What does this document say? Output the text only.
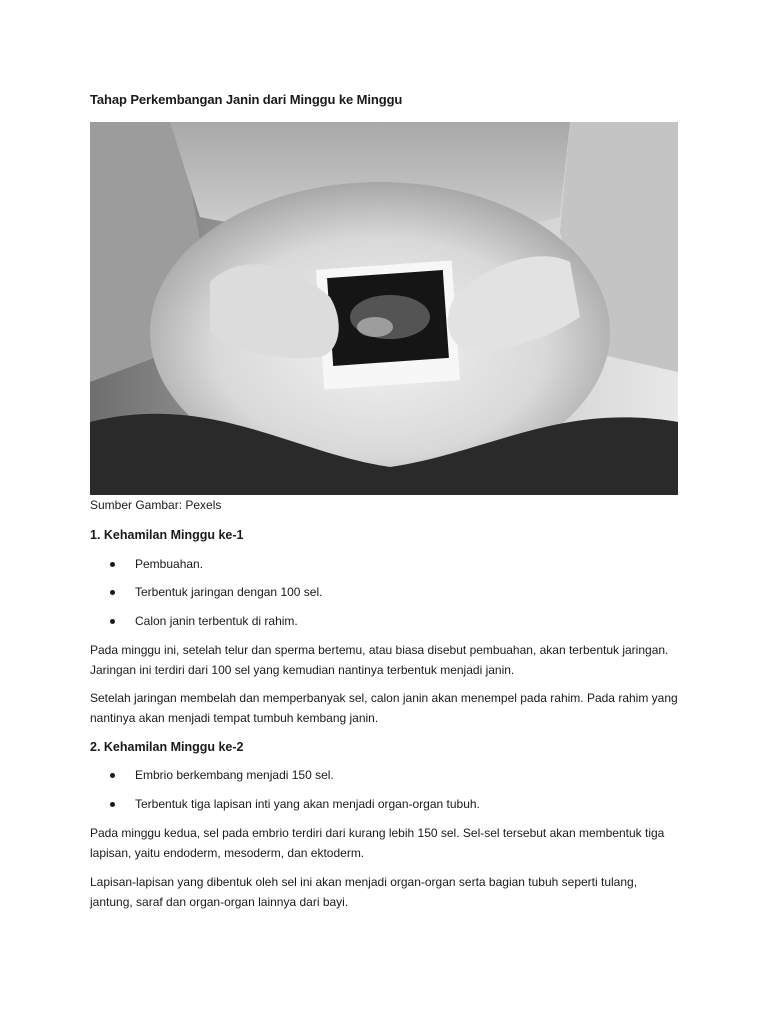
Tahap Perkembangan Janin dari Minggu ke Minggu
Sumber Gambar: Pexels
1. Kehamilan Minggu ke-1
Pembuahan.
Terbentuk jaringan dengan 100 sel.
Calon janin terbentuk di rahim.
Pada minggu ini, setelah telur dan sperma bertemu, atau biasa disebut pembuahan, akan terbentuk jaringan. Jaringan ini terdiri dari 100 sel yang kemudian nantinya terbentuk menjadi janin.
Setelah jaringan membelah dan memperbanyak sel, calon janin akan menempel pada rahim. Pada rahim yang nantinya akan menjadi tempat tumbuh kembang janin.
2. Kehamilan Minggu ke-2
Embrio berkembang menjadi 150 sel.
Terbentuk tiga lapisan inti yang akan menjadi organ-organ tubuh.
Pada minggu kedua, sel pada embrio terdiri dari kurang lebih 150 sel. Sel-sel tersebut akan membentuk tiga lapisan, yaitu endoderm, mesoderm, dan ektoderm.
Lapisan-lapisan yang dibentuk oleh sel ini akan menjadi organ-organ serta bagian tubuh seperti tulang, jantung, saraf dan organ-organ lainnya dari bayi.
